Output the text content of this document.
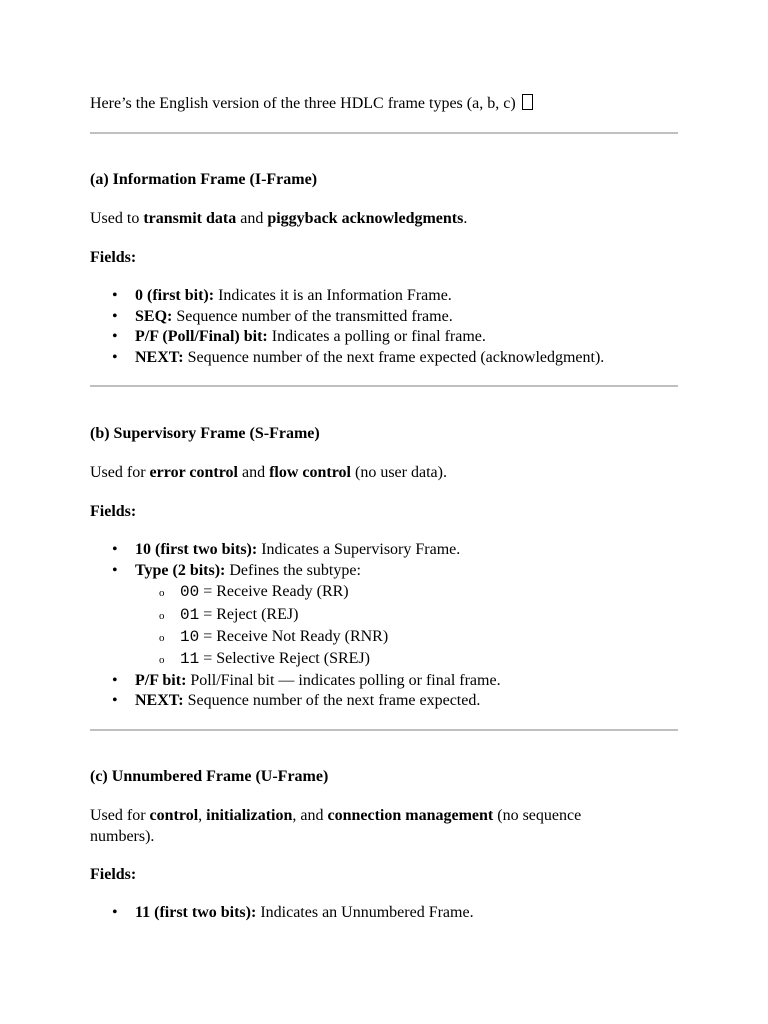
Here’s the English version of the three HDLC frame types (a, b, c)

(a) Information Frame (I-Frame)

Used to transmit data and piggyback acknowledgments.

Fields:

• 0 (first bit): Indicates it is an Information Frame.
• SEQ: Sequence number of the transmitted frame.
• P/F (Poll/Final) bit: Indicates a polling or final frame.
• NEXT: Sequence number of the next frame expected (acknowledgment).

(b) Supervisory Frame (S-Frame)

Used for error control and flow control (no user data).

Fields:

• 10 (first two bits): Indicates a Supervisory Frame.
• Type (2 bits): Defines the subtype:
o 00 = Receive Ready (RR)
o 01 = Reject (REJ)
o 10 = Receive Not Ready (RNR)
o 11 = Selective Reject (SREJ)
• P/F bit: Poll/Final bit — indicates polling or final frame.
• NEXT: Sequence number of the next frame expected.

(c) Unnumbered Frame (U-Frame)

Used for control, initialization, and connection management (no sequence

numbers).

Fields:

• 11 (first two bits): Indicates an Unnumbered Frame.
